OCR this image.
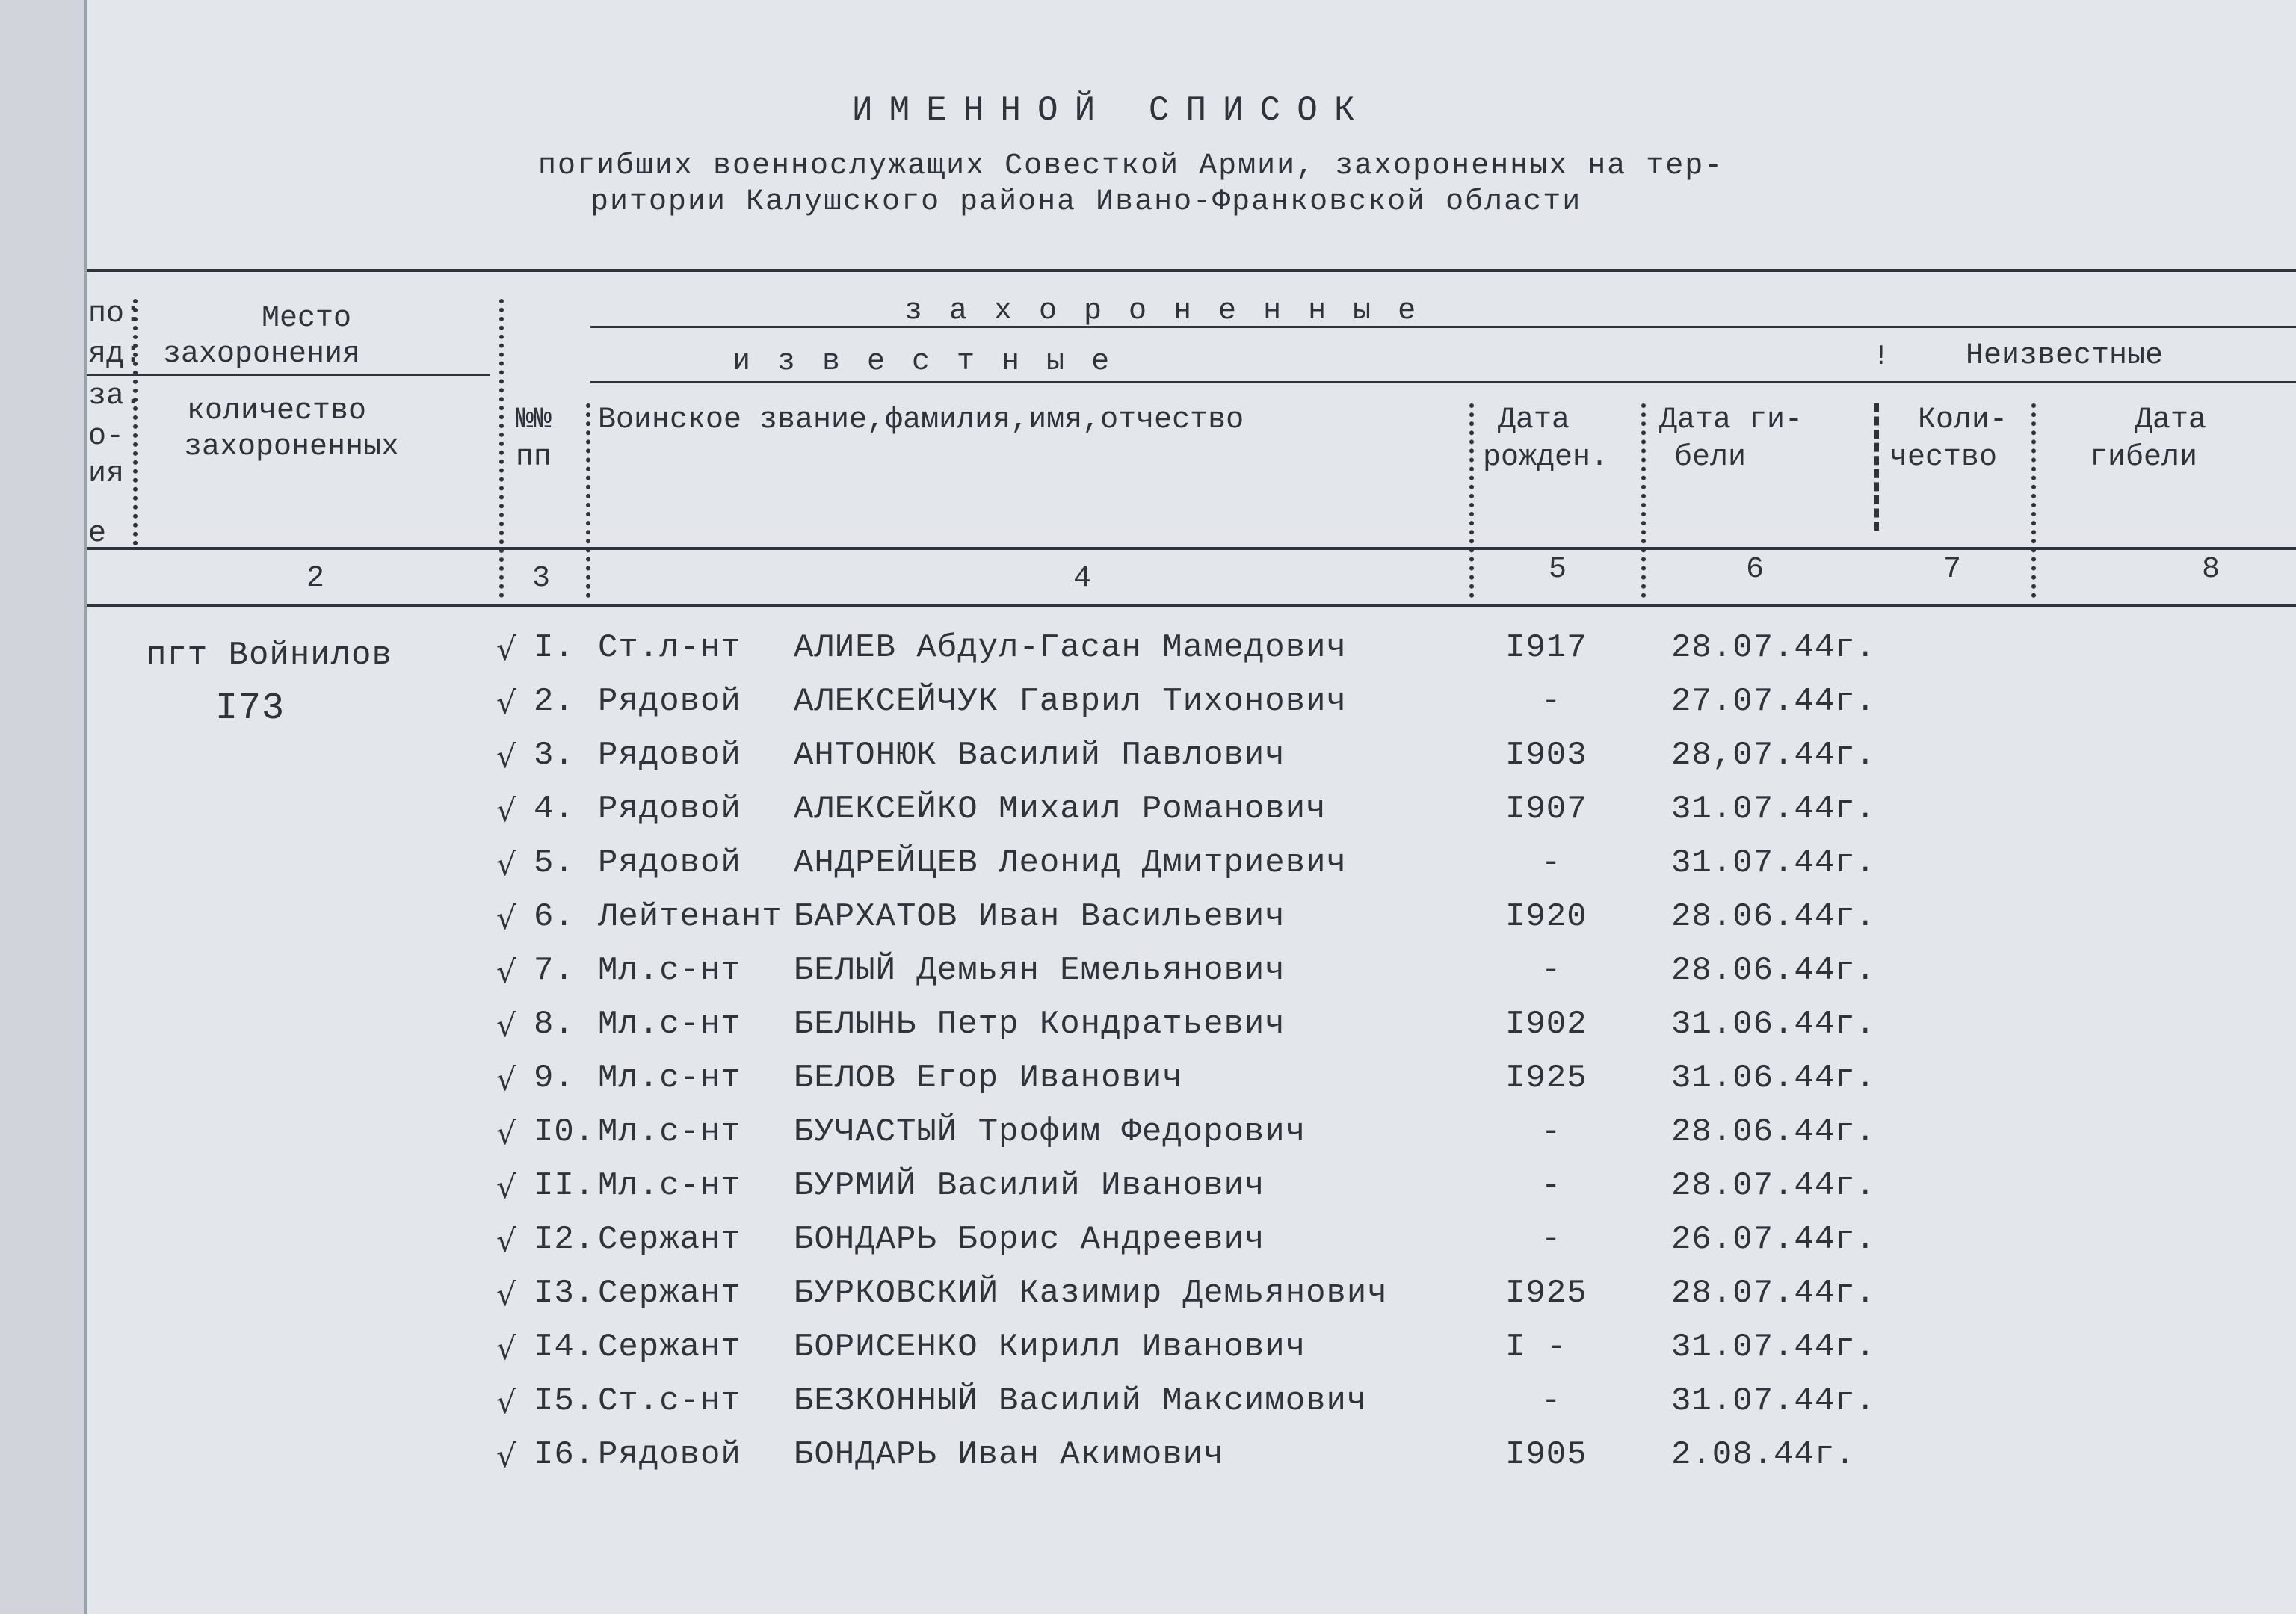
ИМЕННОЙ СПИСОК
погибших военнослужащих Совесткой Армии, захороненных на тер-
ритории Калушского района Ивано-Франковской области
по:
яд:
за.
о-
ия
е
Место
захоронения
количество
захороненных
з а х о р о н е н н ы е
и з в е с т н ы е	!	Неизвестные
№№
пп
Воинское звание,фамилия,имя,отчество	Дата
рожден.
Дата ги-
бели
Коли-
чество
Дата
гибели
2	3	4	5	6	7	8
пгт Войнилов
I73
√ I. Ст.л-нт АЛИЕВ Абдул-Гасан Мамедович	I917	28.07.44г.
√ 2. Рядовой АЛЕКСЕЙЧУК Гаврил Тихонович	-	27.07.44г.
√ 3. Рядовой АНТОНЮК Василий Павлович	I903	28,07.44г.
√ 4. Рядовой АЛЕКСЕЙКО Михаил Романович	I907	31.07.44г.
√ 5. Рядовой АНДРЕЙЦЕВ Леонид Дмитриевич	-	31.07.44г.
√ 6. Лейтенант БАРХАТОВ Иван Васильевич	I920	28.06.44г.
√ 7. Мл.с-нт БЕЛЫЙ Демьян Емельянович	-	28.06.44г.
√ 8. Мл.с-нт БЕЛЫНЬ Петр Кондратьевич	I902	31.06.44г.
√ 9. Мл.с-нт БЕЛОВ Егор Иванович	I925	31.06.44г.
√ I0. Мл.с-нт БУЧАСТЫЙ Трофим Федорович	-	28.06.44г.
√ II. Мл.с-нт БУРМИЙ Василий Иванович	-	28.07.44г.
√ I2. Сержант БОНДАРЬ Борис Андреевич	-	26.07.44г.
√ I3. Сержант БУРКОВСКИЙ Казимир Демьянович	I925	28.07.44г.
√ I4. Сержант БОРИСЕНКО Кирилл Иванович	I -	31.07.44г.
√ I5. Ст.с-нт БЕЗКОННЫЙ Василий Максимович	-	31.07.44г.
√ I6. Рядовой БОНДАРЬ Иван Акимович	I905	2.08.44г.
